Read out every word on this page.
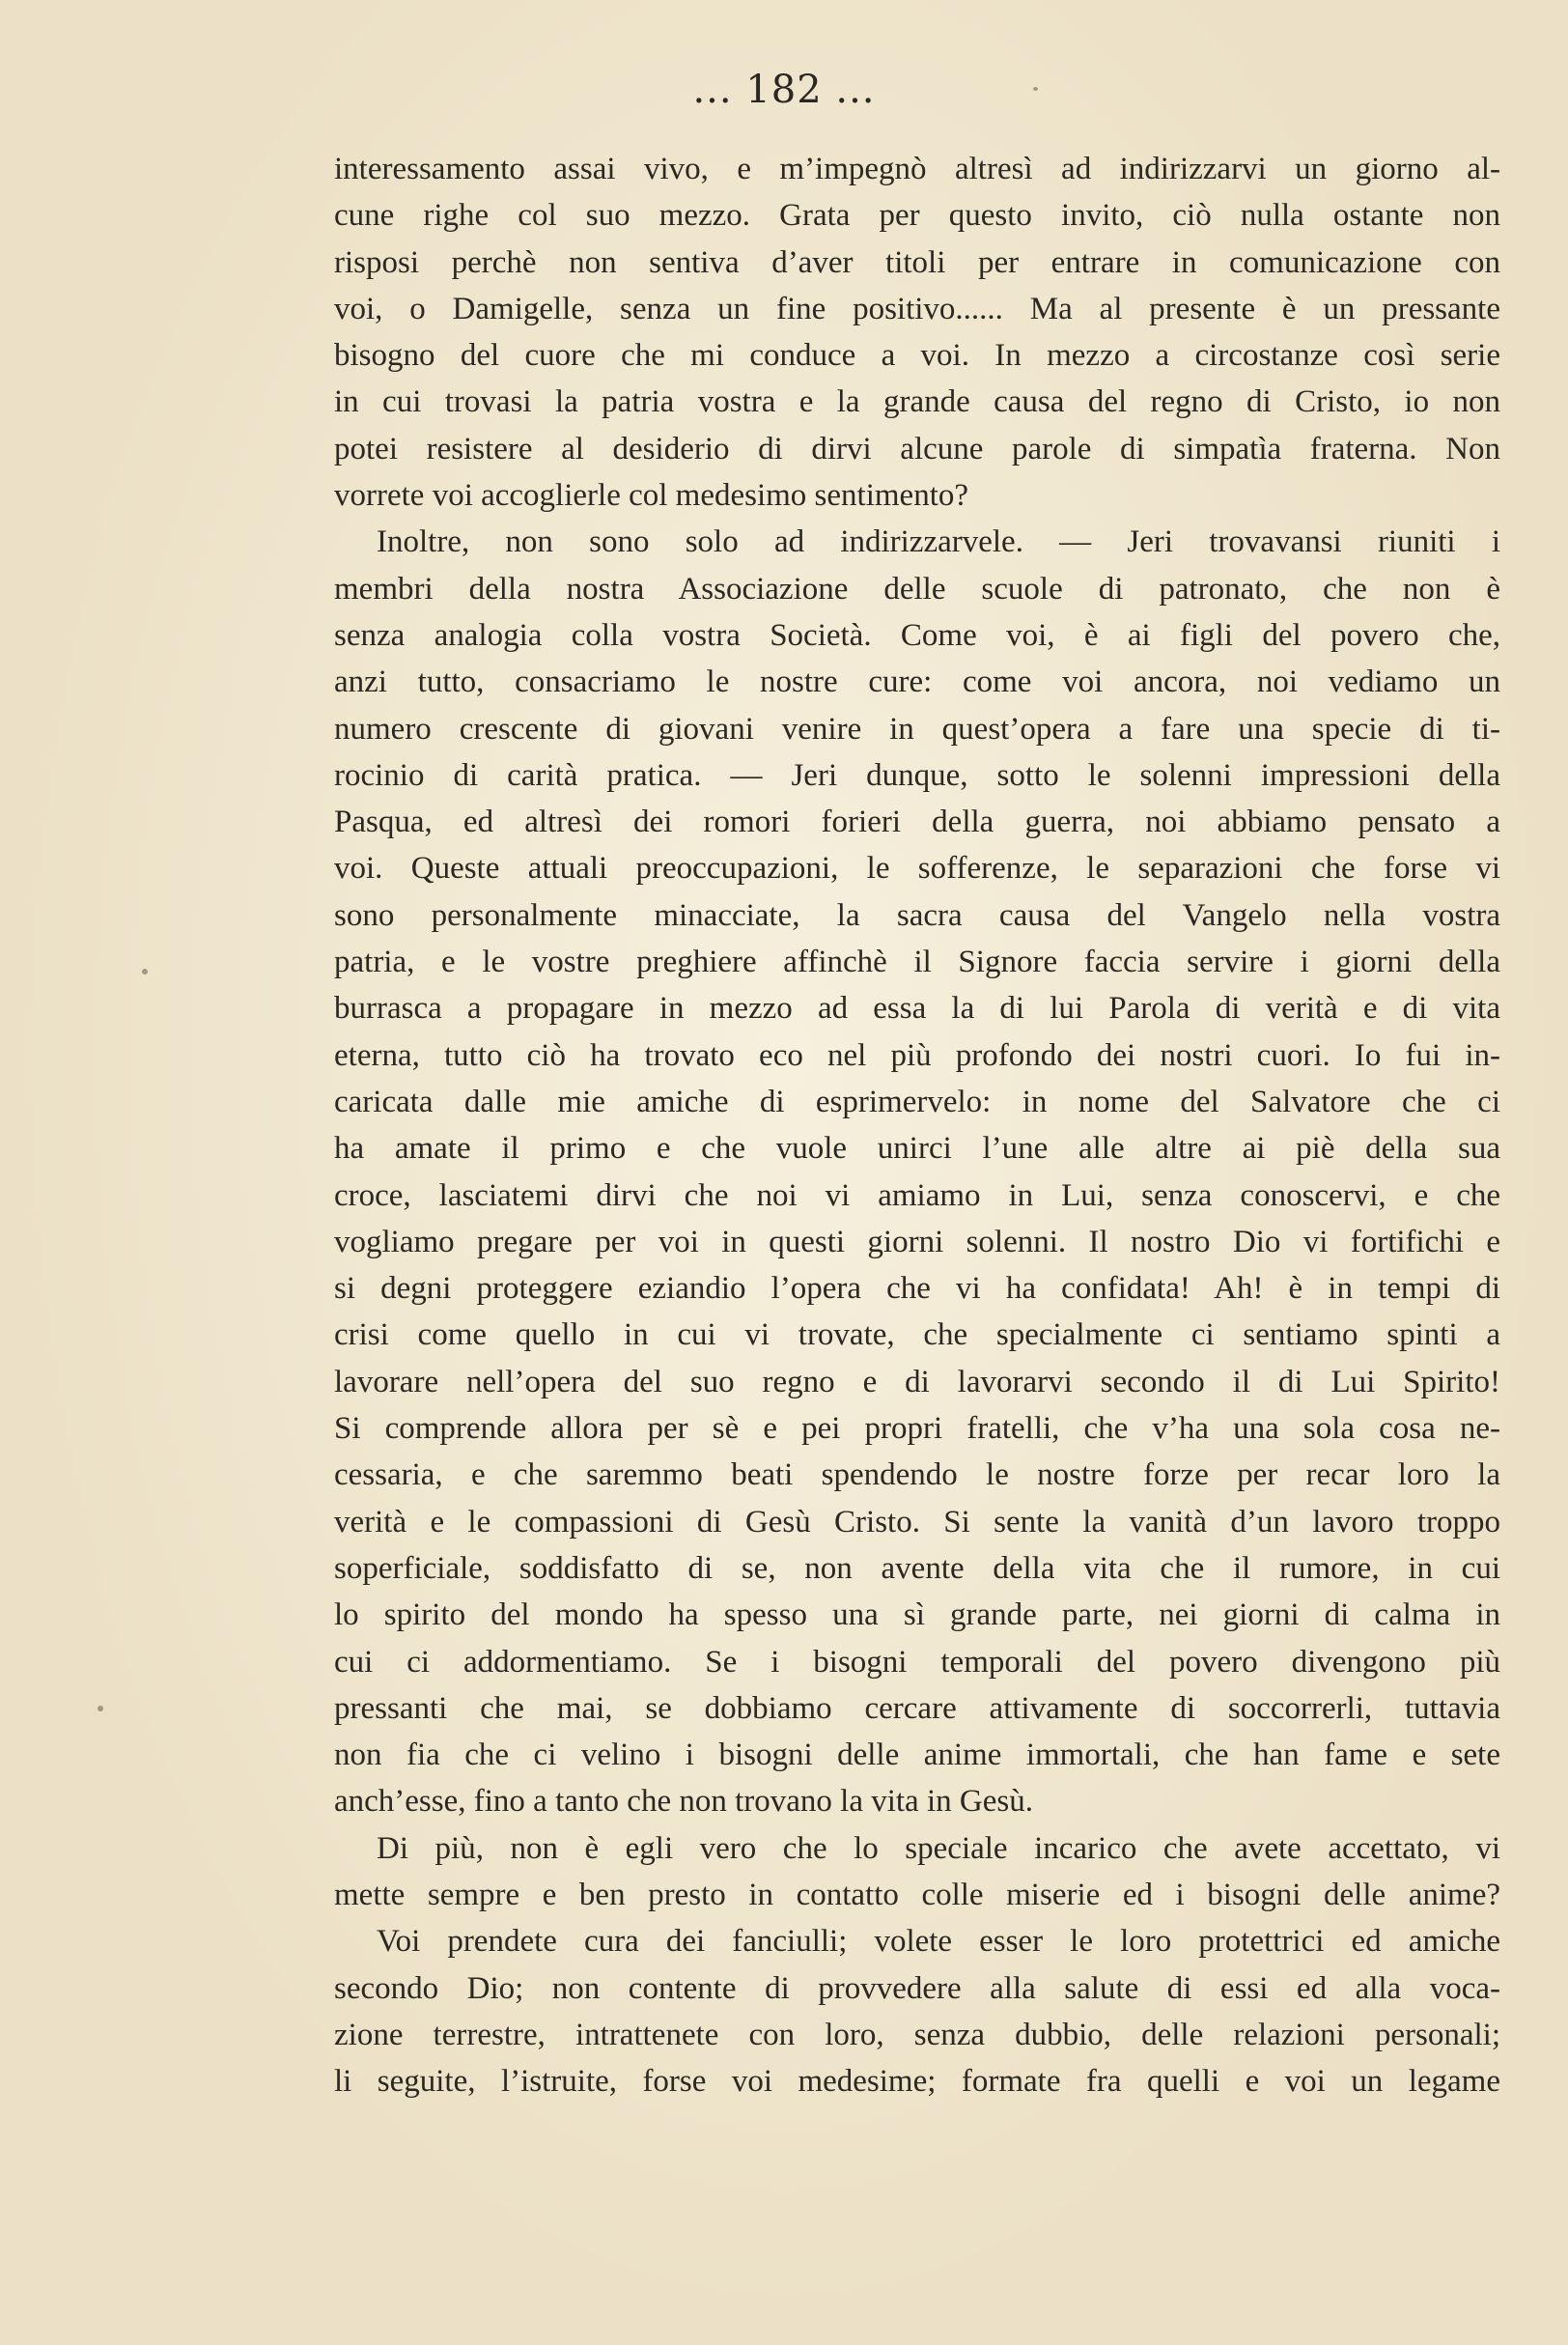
... 182 ...
interessamento assai vivo, e m’impegnò altresì ad indirizzarvi un giorno al-
cune righe col suo mezzo. Grata per questo invito, ciò nulla ostante non
risposi perchè non sentiva d’aver titoli per entrare in comunicazione con
voi, o Damigelle, senza un fine positivo...... Ma al presente è un pressante
bisogno del cuore che mi conduce a voi. In mezzo a circostanze così serie
in cui trovasi la patria vostra e la grande causa del regno di Cristo, io non
potei resistere al desiderio di dirvi alcune parole di simpatìa fraterna. Non
vorrete voi accoglierle col medesimo sentimento?
Inoltre, non sono solo ad indirizzarvele. — Jeri trovavansi riuniti i
membri della nostra Associazione delle scuole di patronato, che non è
senza analogia colla vostra Società. Come voi, è ai figli del povero che,
anzi tutto, consacriamo le nostre cure: come voi ancora, noi vediamo un
numero crescente di giovani venire in quest’opera a fare una specie di ti-
rocinio di carità pratica. — Jeri dunque, sotto le solenni impressioni della
Pasqua, ed altresì dei romori forieri della guerra, noi abbiamo pensato a
voi. Queste attuali preoccupazioni, le sofferenze, le separazioni che forse vi
sono personalmente minacciate, la sacra causa del Vangelo nella vostra
patria, e le vostre preghiere affinchè il Signore faccia servire i giorni della
burrasca a propagare in mezzo ad essa la di lui Parola di verità e di vita
eterna, tutto ciò ha trovato eco nel più profondo dei nostri cuori. Io fui in-
caricata dalle mie amiche di esprimervelo: in nome del Salvatore che ci
ha amate il primo e che vuole unirci l’une alle altre ai piè della sua
croce, lasciatemi dirvi che noi vi amiamo in Lui, senza conoscervi, e che
vogliamo pregare per voi in questi giorni solenni. Il nostro Dio vi fortifichi e
si degni proteggere eziandio l’opera che vi ha confidata! Ah! è in tempi di
crisi come quello in cui vi trovate, che specialmente ci sentiamo spinti a
lavorare nell’opera del suo regno e di lavorarvi secondo il di Lui Spirito!
Si comprende allora per sè e pei propri fratelli, che v’ha una sola cosa ne-
cessaria, e che saremmo beati spendendo le nostre forze per recar loro la
verità e le compassioni di Gesù Cristo. Si sente la vanità d’un lavoro troppo
soperficiale, soddisfatto di se, non avente della vita che il rumore, in cui
lo spirito del mondo ha spesso una sì grande parte, nei giorni di calma in
cui ci addormentiamo. Se i bisogni temporali del povero divengono più
pressanti che mai, se dobbiamo cercare attivamente di soccorrerli, tuttavia
non fia che ci velino i bisogni delle anime immortali, che han fame e sete
anch’esse, fino a tanto che non trovano la vita in Gesù.
Di più, non è egli vero che lo speciale incarico che avete accettato, vi
mette sempre e ben presto in contatto colle miserie ed i bisogni delle anime?
Voi prendete cura dei fanciulli; volete esser le loro protettrici ed amiche
secondo Dio; non contente di provvedere alla salute di essi ed alla voca-
zione terrestre, intrattenete con loro, senza dubbio, delle relazioni personali;
li seguite, l’istruite, forse voi medesime; formate fra quelli e voi un legame
